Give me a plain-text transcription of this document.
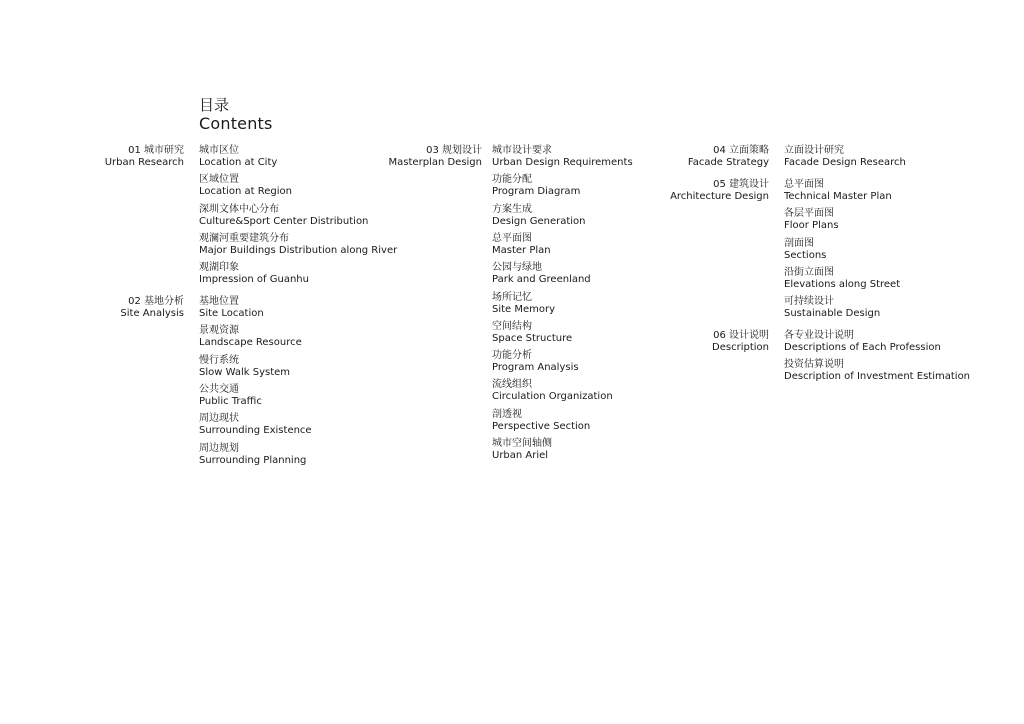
目录
Contents
01 城市研究
Urban Research
城市区位
Location at City
区域位置
Location at Region
深圳文体中心分布
Culture&Sport Center Distribution
观澜河重要建筑分布
Major Buildings Distribution along River
观湖印象
Impression of Guanhu
02 基地分析
Site Analysis
基地位置
Site Location
景观资源
Landscape Resource
慢行系统
Slow Walk System
公共交通
Public Traffic
周边现状
Surrounding Existence
周边规划
Surrounding Planning
03 规划设计
Masterplan Design
城市设计要求
Urban Design Requirements
功能分配
Program Diagram
方案生成
Design Generation
总平面图
Master Plan
公园与绿地
Park and Greenland
场所记忆
Site Memory
空间结构
Space Structure
功能分析
Program Analysis
流线组织
Circulation Organization
剖透视
Perspective Section
城市空间轴侧
Urban Ariel
04 立面策略
Facade Strategy
立面设计研究
Facade Design Research
05 建筑设计
Architecture Design
总平面图
Technical Master Plan
各层平面图
Floor Plans
剖面图
Sections
沿街立面图
Elevations along Street
可持续设计
Sustainable Design
06 设计说明
Description
各专业设计说明
Descriptions of Each Profession
投资估算说明
Description of Investment Estimation
